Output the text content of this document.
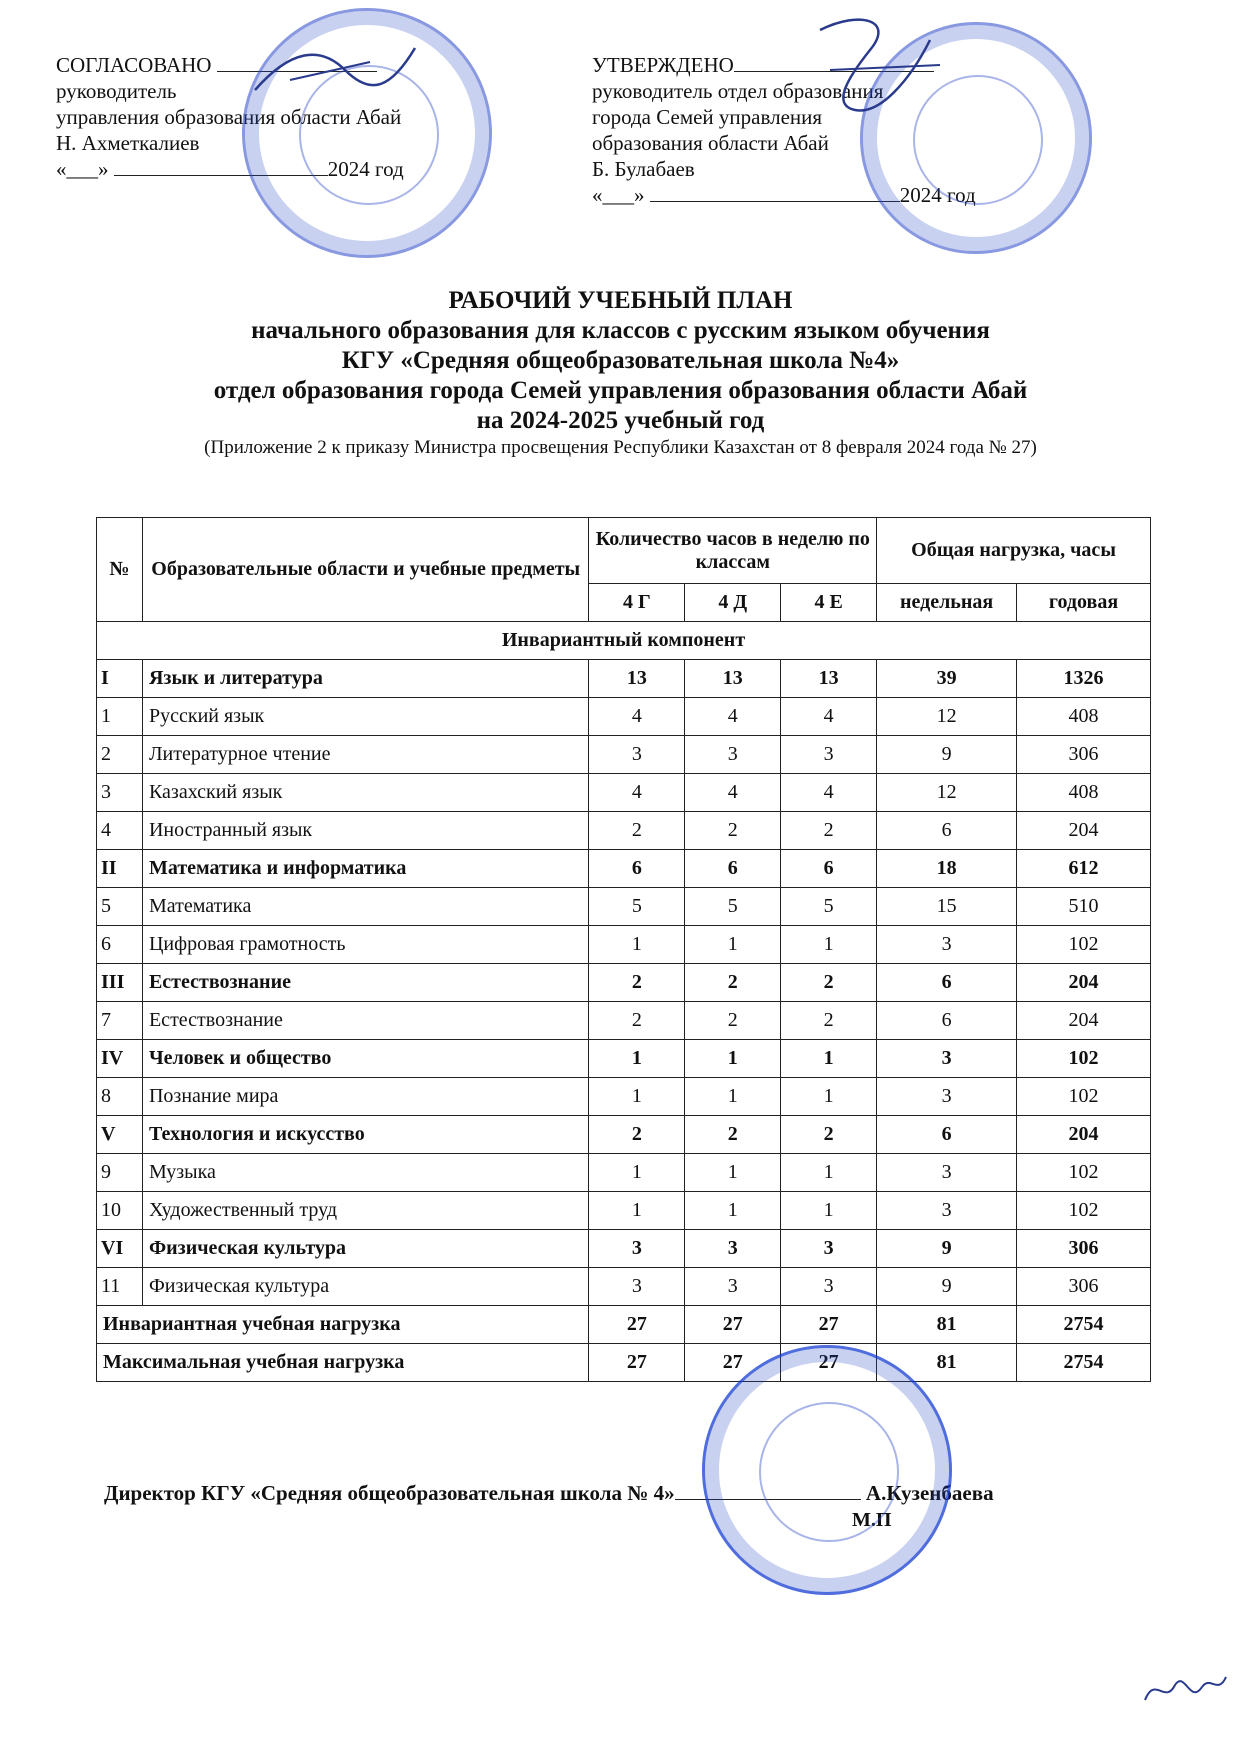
СОГЛАСОВАНО
руководитель
управления образования области Абай
Н. Ахметкалиев
«___»	2024 год
УТВЕРЖДЕНО
руководитель отдел образования
города Семей управления
образования области Абай
Б. Булабаев
«___»	2024 год
РАБОЧИЙ УЧЕБНЫЙ ПЛАН
начального образования для классов с русским языком обучения
КГУ «Средняя общеобразовательная школа №4»
отдел образования города Семей управления образования области Абай
на 2024-2025 учебный год
(Приложение 2 к приказу Министра просвещения Республики Казахстан от 8 февраля 2024 года № 27)
№	Образовательные области и учебные предметы	Количество часов в неделю по классам			Общая нагрузка, часы	
		4 Г	4 Д	4 Е	недельная	годовая
Инвариантный компонент						
I	Язык и литература	13	13	13	39	1326
1	Русский язык	4	4	4	12	408
2	Литературное чтение	3	3	3	9	306
3	Казахский язык	4	4	4	12	408
4	Иностранный язык	2	2	2	6	204
II	Математика и информатика	6	6	6	18	612
5	Математика	5	5	5	15	510
6	Цифровая грамотность	1	1	1	3	102
III	Естествознание	2	2	2	6	204
7	Естествознание	2	2	2	6	204
IV	Человек и общество	1	1	1	3	102
8	Познание мира	1	1	1	3	102
V	Технология и искусство	2	2	2	6	204
9	Музыка	1	1	1	3	102
10	Художественный труд	1	1	1	3	102
VI	Физическая культура	3	3	3	9	306
11	Физическая культура	3	3	3	9	306
Инвариантная учебная нагрузка		27	27	27	81	2754
Максимальная учебная нагрузка		27	27	27	81	2754
Директор КГУ «Средняя общеобразовательная школа № 4»	А.Кузенбаева
М.П
